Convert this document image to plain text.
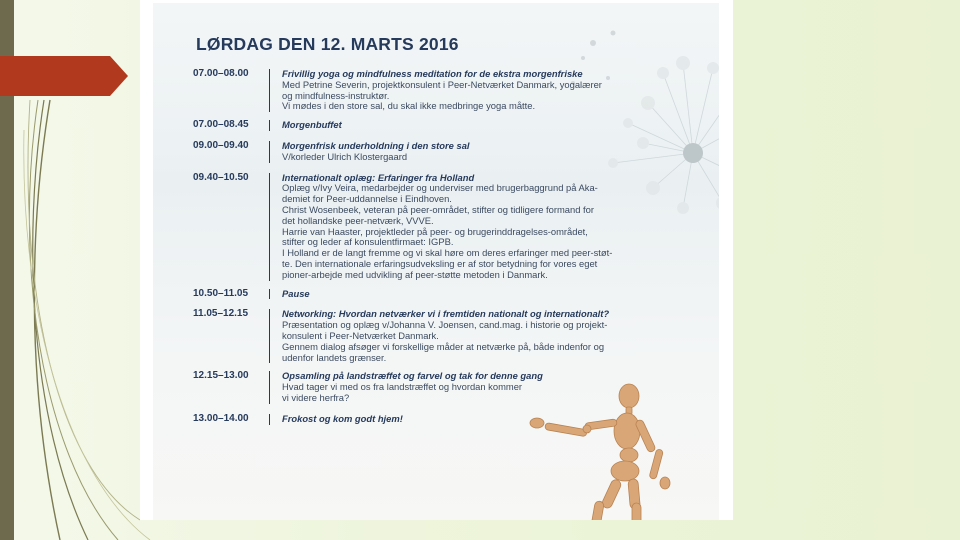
LØRDAG DEN 12. MARTS 2016
07.00–08.00	Frivillig yoga og mindfulness meditation for de ekstra morgenfriske
Med Petrine Severin, projektkonsulent i Peer-Netværket Danmark, yogalærer
og mindfulness-instruktør.
Vi mødes i den store sal, du skal ikke medbringe yoga måtte.
07.00–08.45	Morgenbuffet
09.00–09.40	Morgenfrisk underholdning i den store sal
V/korleder Ulrich Klostergaard
09.40–10.50	Internationalt oplæg: Erfaringer fra Holland
Oplæg v/Ivy Veira, medarbejder og underviser med brugerbaggrund på Aka-
demiet for Peer-uddannelse i Eindhoven.
Christ Wosenbeek, veteran på peer-området, stifter og tidligere formand for
det hollandske peer-netværk, VVVE.
Harrie van Haaster, projektleder på peer- og brugerinddragelses-området,
stifter og leder af konsulentfirmaet: IGPB.
I Holland er de langt fremme og vi skal høre om deres erfaringer med peer-støt-
te. Den internationale erfaringsudveksling er af stor betydning for vores eget
pioner-arbejde med udvikling af peer-støtte metoden i Danmark.
10.50–11.05	Pause
11.05–12.15	Networking: Hvordan netværker vi i fremtiden nationalt og internationalt?
Præsentation og oplæg v/Johanna V. Joensen, cand.mag. i historie og projekt-
konsulent i Peer-Netværket Danmark.
Gennem dialog afsøger vi forskellige måder at netværke på, både indenfor og
udenfor landets grænser.
12.15–13.00	Opsamling på landstræffet og farvel og tak for denne gang
Hvad tager vi med os fra landstræffet og hvordan kommer
vi videre herfra?
13.00–14.00	Frokost og kom godt hjem!
